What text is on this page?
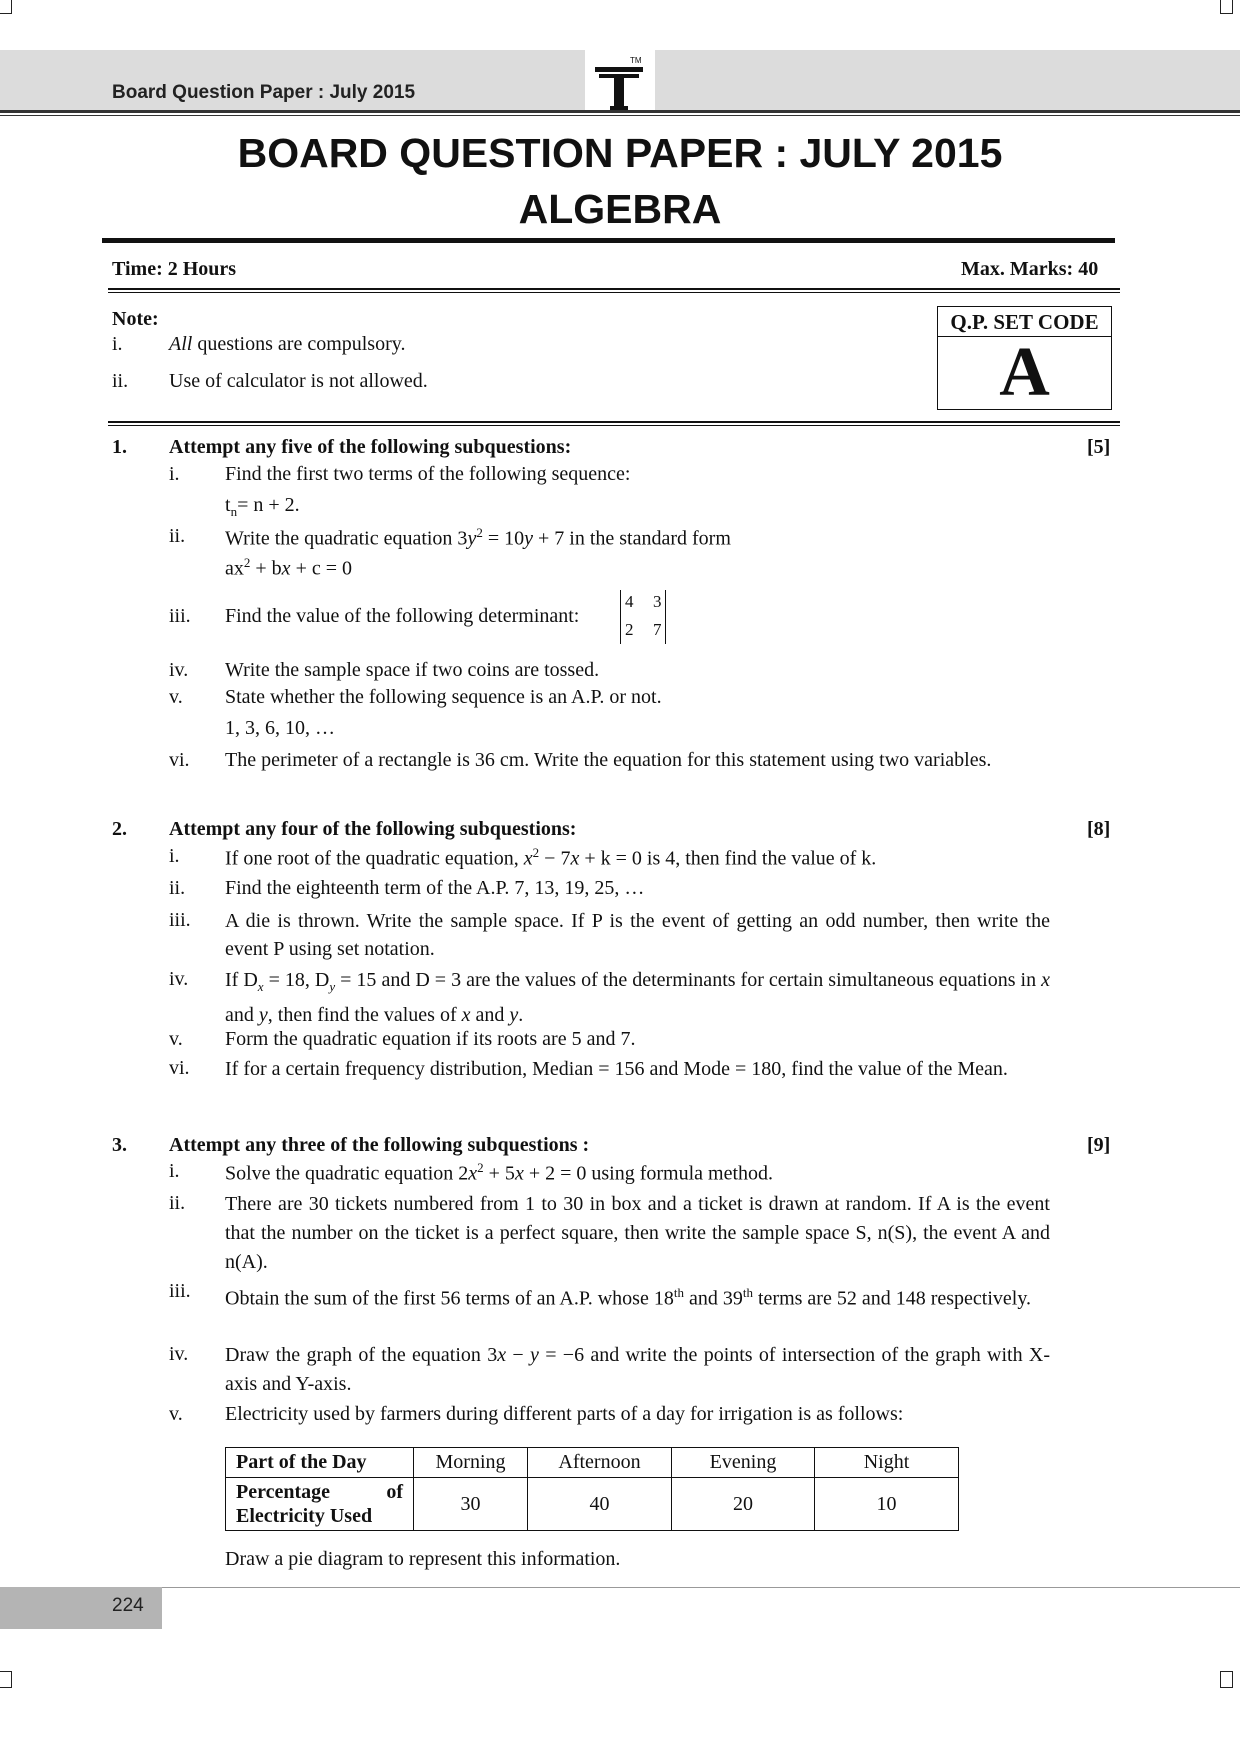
Board Question Paper : July 2015
TM
BOARD QUESTION PAPER : JULY 2015
ALGEBRA
Time: 2 Hours	Max. Marks: 40
Note:
i. All questions are compulsory.
ii. Use of calculator is not allowed.
Q.P. SET CODE
A
1. Attempt any five of the following subquestions:	[5]
i. Find the first two terms of the following sequence:
$t_n= n + 2$.
ii. Write the quadratic equation $3y^2 = 10y + 7$ in the standard form
$ax^2$ + bx + c = 0
iii. Find the value of the following determinant:
4 3
2 7
iv. Write the sample space if two coins are tossed.
v. State whether the following sequence is an A.P. or not.
1, 3, 6, 10, …
vi. The perimeter of a rectangle is 36 cm. Write the equation for this statement using two variables.
2. Attempt any four of the following subquestions:	[8]
i. If one root of the quadratic equation, $x^2 - 7x + k = 0$ is 4, then find the value of k.
ii. Find the eighteenth term of the A.P. 7, 13, 19, 25, …
iii. A die is thrown. Write the sample space. If P is the event of getting an odd number, then write the event P using set notation.
iv. If $D_x = 18$, $D_y = 15$ and D = 3 are the values of the determinants for certain simultaneous equations in x and y, then find the values of x and y.
v. Form the quadratic equation if its roots are 5 and 7.
vi. If for a certain frequency distribution, Median = 156 and Mode = 180, find the value of the Mean.
3. Attempt any three of the following subquestions :	[9]
i. Solve the quadratic equation $2x^2 + 5x + 2 = 0$ using formula method.
ii. There are 30 tickets numbered from 1 to 30 in box and a ticket is drawn at random. If A is the event that the number on the ticket is a perfect square, then write the sample space S, n(S), the event A and n(A).
iii. Obtain the sum of the first 56 terms of an A.P. whose 18th and 39th terms are 52 and 148 respectively.
iv. Draw the graph of the equation 3x − y = −6 and write the points of intersection of the graph with X-axis and Y-axis.
v. Electricity used by farmers during different parts of a day for irrigation is as follows:
Part of the Day	Morning	Afternoon	Evening	Night

Percentage of
Electricity Used	30	40	20	10
Draw a pie diagram to represent this information.
224
